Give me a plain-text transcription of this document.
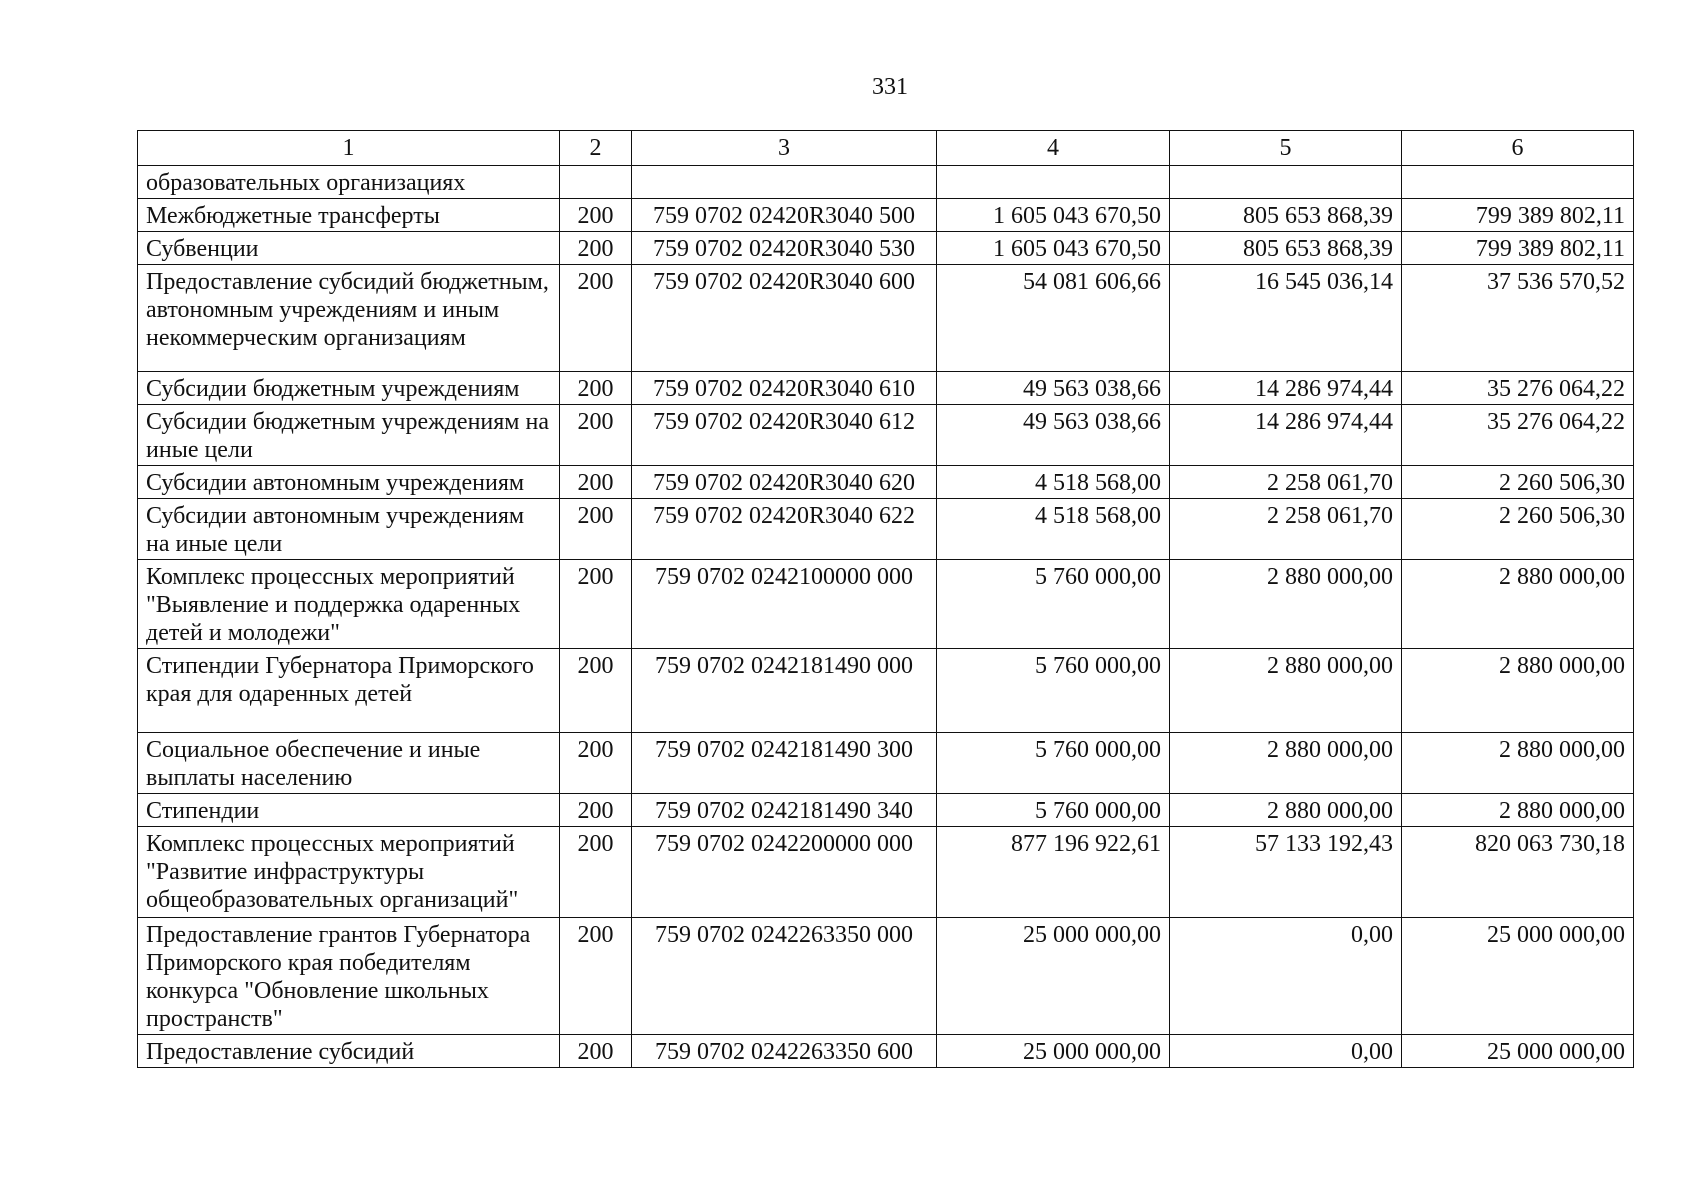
331
1	2	3	4	5	6
образовательных организациях					
Межбюджетные трансферты	200	759 0702 02420R3040 500	1 605 043 670,50	805 653 868,39	799 389 802,11
Субвенции	200	759 0702 02420R3040 530	1 605 043 670,50	805 653 868,39	799 389 802,11
Предоставление субсидий бюджетным, автономным учреждениям и иным некоммерческим организациям	200	759 0702 02420R3040 600	54 081 606,66	16 545 036,14	37 536 570,52
Субсидии бюджетным учреждениям	200	759 0702 02420R3040 610	49 563 038,66	14 286 974,44	35 276 064,22
Субсидии бюджетным учреждениям на иные цели	200	759 0702 02420R3040 612	49 563 038,66	14 286 974,44	35 276 064,22
Субсидии автономным учреждениям	200	759 0702 02420R3040 620	4 518 568,00	2 258 061,70	2 260 506,30
Субсидии автономным учреждениям на иные цели	200	759 0702 02420R3040 622	4 518 568,00	2 258 061,70	2 260 506,30
Комплекс процессных мероприятий "Выявление и поддержка одаренных детей и молодежи"	200	759 0702 0242100000 000	5 760 000,00	2 880 000,00	2 880 000,00
Стипендии Губернатора Приморского края для одаренных детей	200	759 0702 0242181490 000	5 760 000,00	2 880 000,00	2 880 000,00
Социальное обеспечение и иные выплаты населению	200	759 0702 0242181490 300	5 760 000,00	2 880 000,00	2 880 000,00
Стипендии	200	759 0702 0242181490 340	5 760 000,00	2 880 000,00	2 880 000,00
Комплекс процессных мероприятий "Развитие инфраструктуры общеобразовательных организаций"	200	759 0702 0242200000 000	877 196 922,61	57 133 192,43	820 063 730,18
Предоставление грантов Губернатора Приморского края победителям конкурса "Обновление школьных пространств"	200	759 0702 0242263350 000	25 000 000,00	0,00	25 000 000,00
Предоставление субсидий	200	759 0702 0242263350 600	25 000 000,00	0,00	25 000 000,00
